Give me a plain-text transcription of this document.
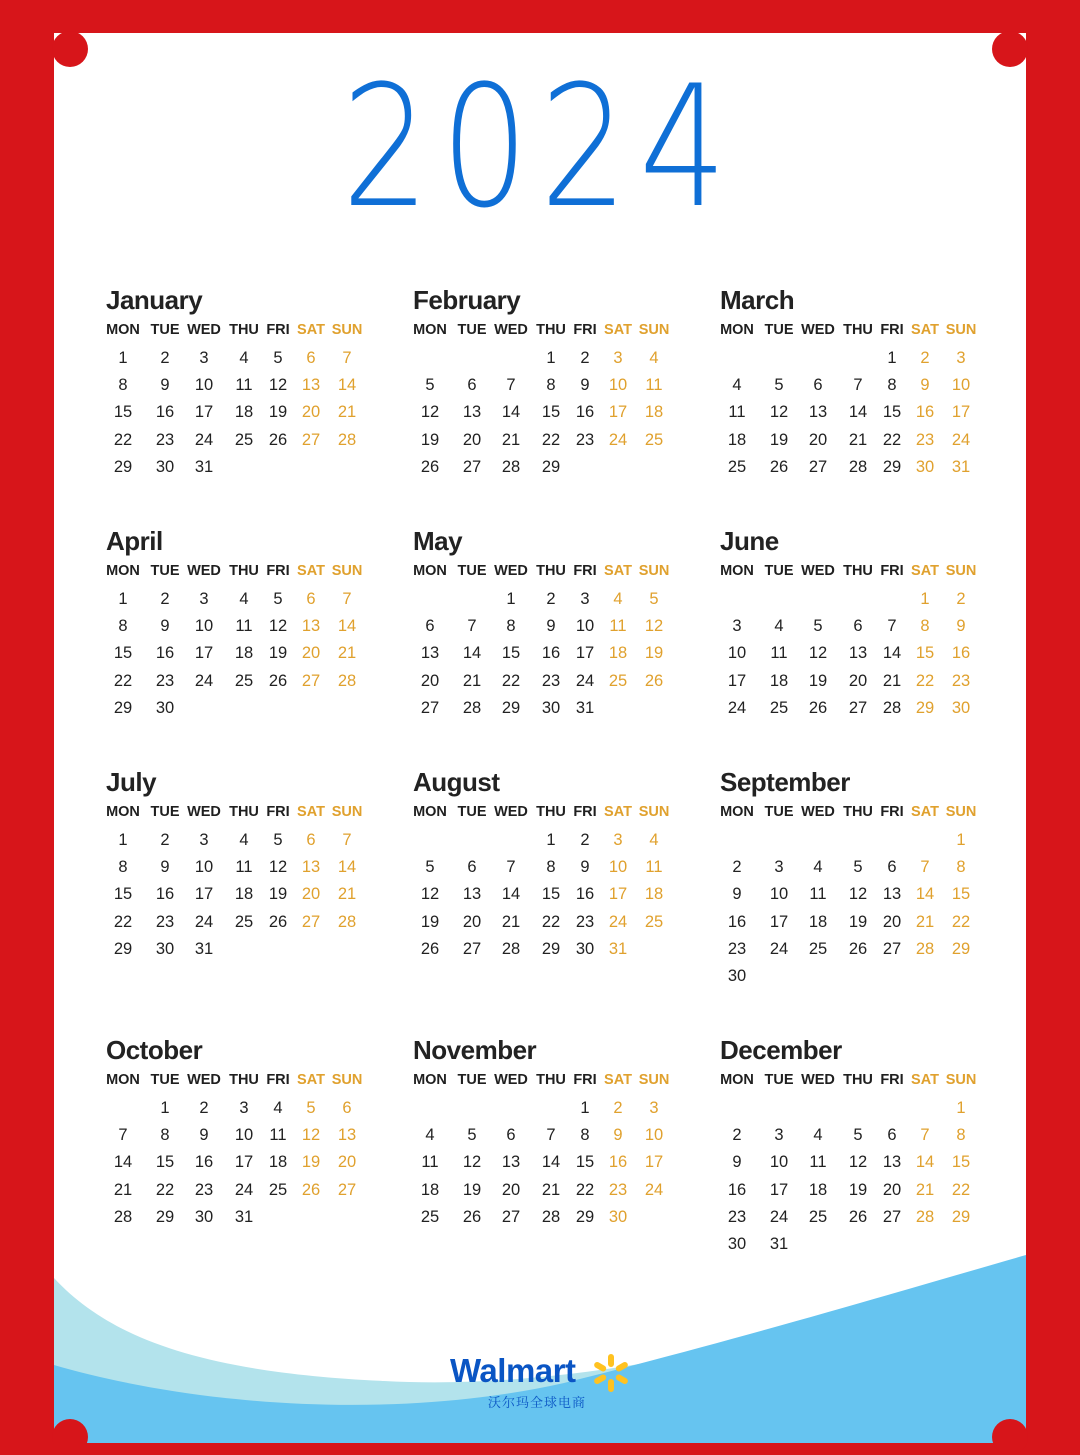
2024
January
MON TUE WED THU FRI SAT SUN
1 2 3 4 5 6 7
8 9 10 11 12 13 14
15 16 17 18 19 20 21
22 23 24 25 26 27 28
29 30 31
February
MON TUE WED THU FRI SAT SUN
1 2 3 4
5 6 7 8 9 10 11
12 13 14 15 16 17 18
19 20 21 22 23 24 25
26 27 28 29
March
MON TUE WED THU FRI SAT SUN
1 2 3
4 5 6 7 8 9 10
11 12 13 14 15 16 17
18 19 20 21 22 23 24
25 26 27 28 29 30 31
April
MON TUE WED THU FRI SAT SUN
1 2 3 4 5 6 7
8 9 10 11 12 13 14
15 16 17 18 19 20 21
22 23 24 25 26 27 28
29 30
May
MON TUE WED THU FRI SAT SUN
1 2 3 4 5
6 7 8 9 10 11 12
13 14 15 16 17 18 19
20 21 22 23 24 25 26
27 28 29 30 31
June
MON TUE WED THU FRI SAT SUN
1 2
3 4 5 6 7 8 9
10 11 12 13 14 15 16
17 18 19 20 21 22 23
24 25 26 27 28 29 30
July
MON TUE WED THU FRI SAT SUN
1 2 3 4 5 6 7
8 9 10 11 12 13 14
15 16 17 18 19 20 21
22 23 24 25 26 27 28
29 30 31
August
MON TUE WED THU FRI SAT SUN
1 2 3 4
5 6 7 8 9 10 11
12 13 14 15 16 17 18
19 20 21 22 23 24 25
26 27 28 29 30 31
September
MON TUE WED THU FRI SAT SUN
1
2 3 4 5 6 7 8
9 10 11 12 13 14 15
16 17 18 19 20 21 22
23 24 25 26 27 28 29
30
October
MON TUE WED THU FRI SAT SUN
1 2 3 4 5 6
7 8 9 10 11 12 13
14 15 16 17 18 19 20
21 22 23 24 25 26 27
28 29 30 31
November
MON TUE WED THU FRI SAT SUN
1 2 3
4 5 6 7 8 9 10
11 12 13 14 15 16 17
18 19 20 21 22 23 24
25 26 27 28 29 30
December
MON TUE WED THU FRI SAT SUN
1
2 3 4 5 6 7 8
9 10 11 12 13 14 15
16 17 18 19 20 21 22
23 24 25 26 27 28 29
30 31
Walmart
沃尔玛全球电商
